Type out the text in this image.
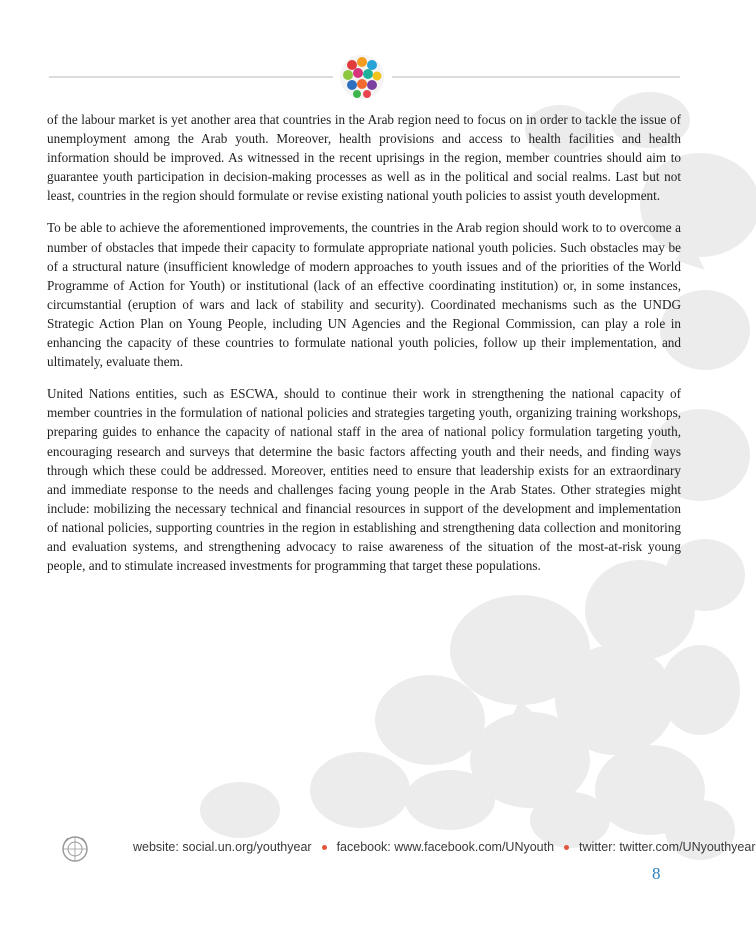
of the labour market is yet another area that countries in the Arab region need to focus on in order to tackle the issue of unemployment among the Arab youth. Moreover, health provisions and access to health facilities and health information should be improved. As witnessed in the recent uprisings in the region, member countries should aim to guarantee youth participation in decision-making processes as well as in the political and social realms. Last but not least, countries in the region should formulate or revise existing national youth policies to assist youth development.

To be able to achieve the aforementioned improvements, the countries in the Arab region should work to to overcome a number of obstacles that impede their capacity to formulate appropriate national youth policies. Such obstacles may be of a structural nature (insufficient knowledge of modern approaches to youth issues and of the priorities of the World Programme of Action for Youth) or institutional (lack of an effective coordinating institution) or, in some instances, circumstantial (eruption of wars and lack of stability and security). Coordinated mechanisms such as the UNDG Strategic Action Plan on Young People, including UN Agencies and the Regional Commission, can play a role in enhancing the capacity of these countries to formulate national youth policies, follow up their implementation, and ultimately, evaluate them.

United Nations entities, such as ESCWA, should to continue their work in strengthening the national capacity of member countries in the formulation of national policies and strategies targeting youth, organizing training workshops, preparing guides to enhance the capacity of national staff in the area of national policy formulation targeting youth, encouraging research and surveys that determine the basic factors affecting youth and their needs, and finding ways through which these could be addressed. Moreover, entities need to ensure that leadership exists for an extraordinary and immediate response to the needs and challenges facing young people in the Arab States. Other strategies might include: mobilizing the necessary technical and financial resources in support of the development and implementation of national policies, supporting countries in the region in establishing and strengthening data collection and monitoring and evaluation systems, and strengthening advocacy to raise awareness of the situation of the most-at-risk young people, and to stimulate increased investments for programming that target these populations.

website: social.un.org/youthyear facebook: www.facebook.com/UNyouth twitter: twitter.com/UNyouthyear
8
